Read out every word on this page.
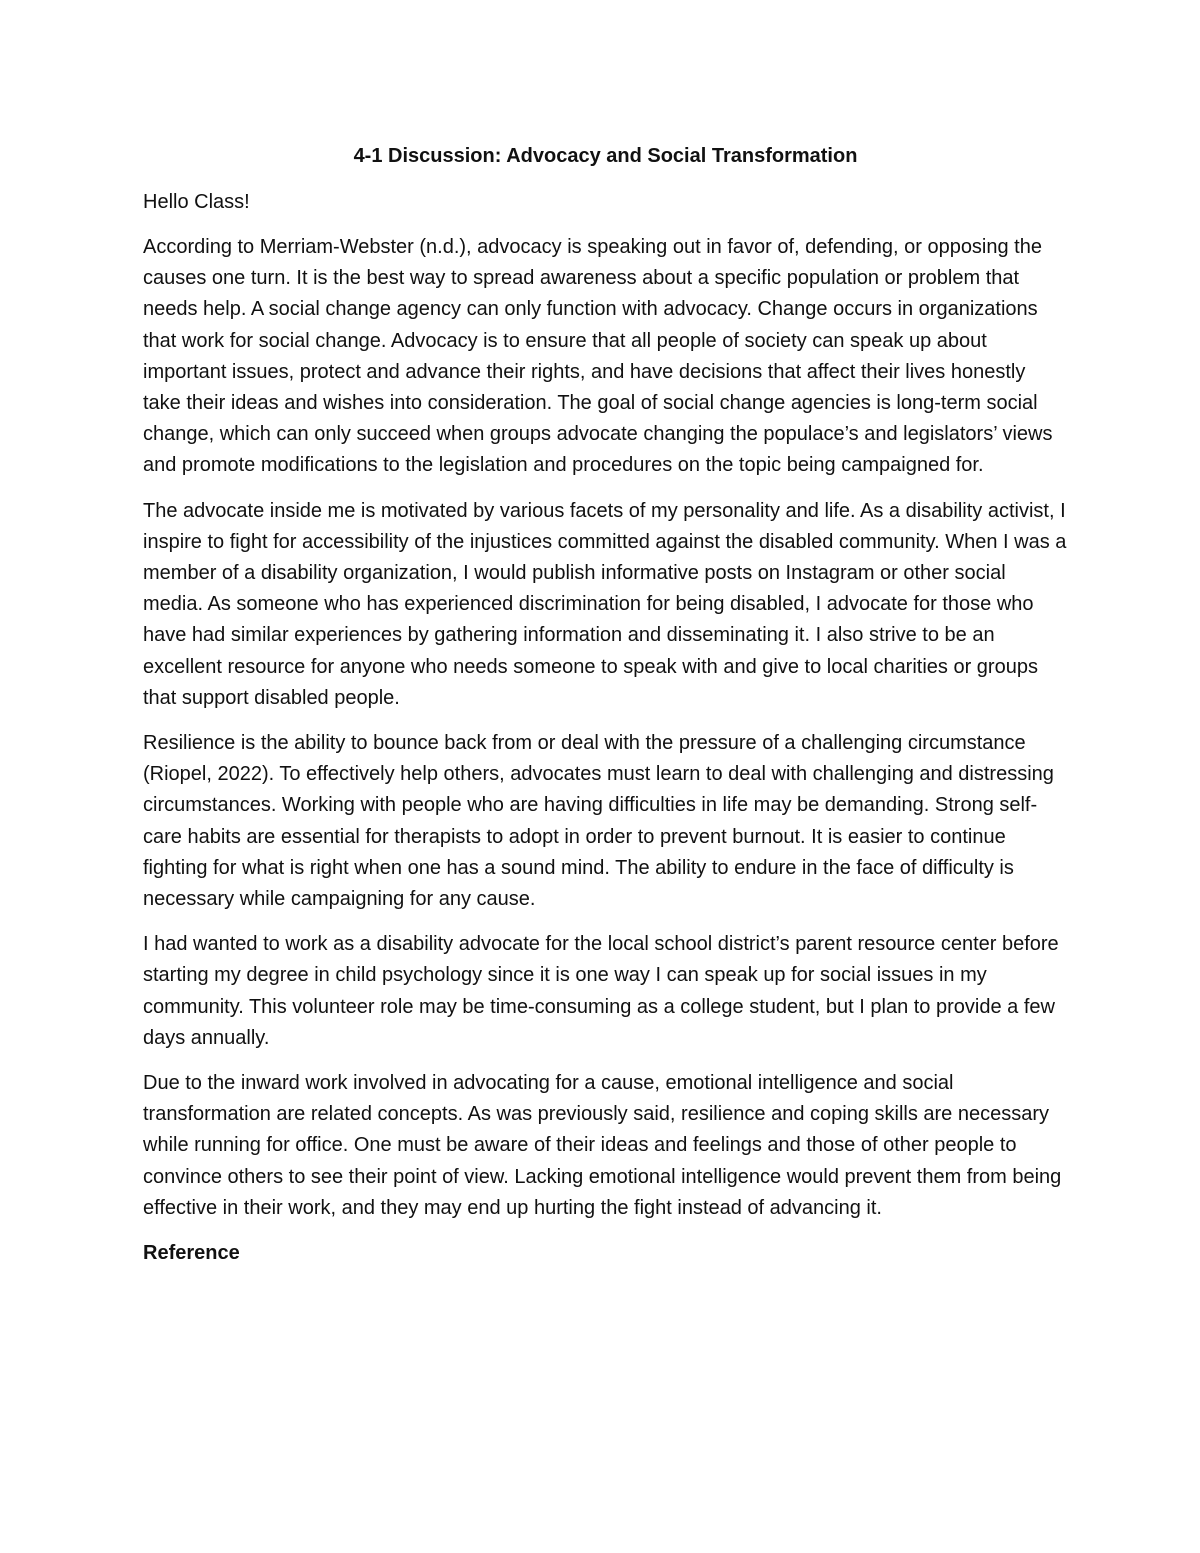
4-1 Discussion: Advocacy and Social Transformation

Hello Class!

According to Merriam-Webster (n.d.), advocacy is speaking out in favor of, defending, or opposing the causes one turn. It is the best way to spread awareness about a specific population or problem that needs help. A social change agency can only function with advocacy. Change occurs in organizations that work for social change. Advocacy is to ensure that all people of society can speak up about important issues, protect and advance their rights, and have decisions that affect their lives honestly take their ideas and wishes into consideration. The goal of social change agencies is long-term social change, which can only succeed when groups advocate changing the populace’s and legislators’ views and promote modifications to the legislation and procedures on the topic being campaigned for.

The advocate inside me is motivated by various facets of my personality and life. As a disability activist, I inspire to fight for accessibility of the injustices committed against the disabled community. When I was a member of a disability organization, I would publish informative posts on Instagram or other social media. As someone who has experienced discrimination for being disabled, I advocate for those who have had similar experiences by gathering information and disseminating it. I also strive to be an excellent resource for anyone who needs someone to speak with and give to local charities or groups that support disabled people.

Resilience is the ability to bounce back from or deal with the pressure of a challenging circumstance (Riopel, 2022). To effectively help others, advocates must learn to deal with challenging and distressing circumstances. Working with people who are having difficulties in life may be demanding. Strong self-care habits are essential for therapists to adopt in order to prevent burnout. It is easier to continue fighting for what is right when one has a sound mind. The ability to endure in the face of difficulty is necessary while campaigning for any cause.

I had wanted to work as a disability advocate for the local school district’s parent resource center before starting my degree in child psychology since it is one way I can speak up for social issues in my community. This volunteer role may be time-consuming as a college student, but I plan to provide a few days annually.

Due to the inward work involved in advocating for a cause, emotional intelligence and social transformation are related concepts. As was previously said, resilience and coping skills are necessary while running for office. One must be aware of their ideas and feelings and those of other people to convince others to see their point of view. Lacking emotional intelligence would prevent them from being effective in their work, and they may end up hurting the fight instead of advancing it.

Reference
